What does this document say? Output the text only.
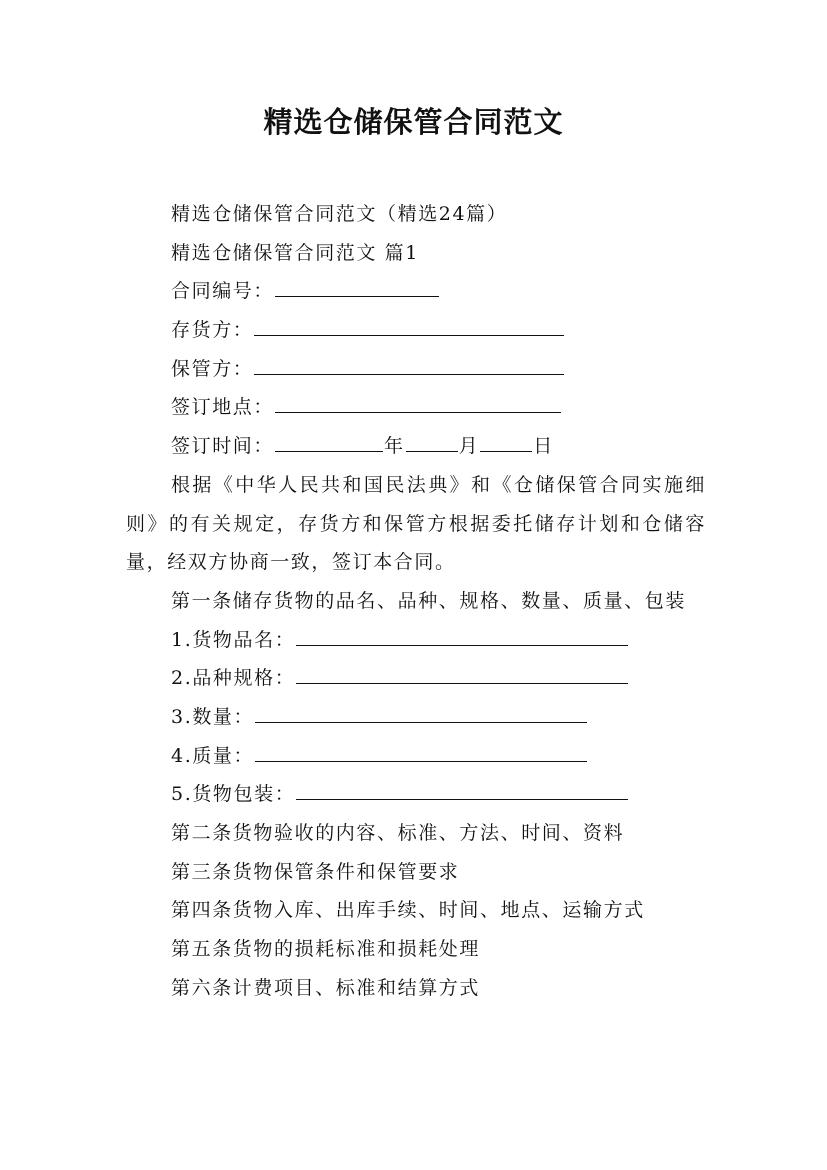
精选仓储保管合同范文
精选仓储保管合同范文（精选24篇）
精选仓储保管合同范文 篇1
合同编号：
存货方：
保管方：
签订地点：
签订时间：	年	月	日
根据《中华人民共和国民法典》和《仓储保管合同实施细则》的有关规定，存货方和保管方根据委托储存计划和仓储容量，经双方协商一致，签订本合同。
第一条储存货物的品名、品种、规格、数量、质量、包装
1.货物品名：
2.品种规格：
3.数量：
4.质量：
5.货物包装：
第二条货物验收的内容、标准、方法、时间、资料
第三条货物保管条件和保管要求
第四条货物入库、出库手续、时间、地点、运输方式
第五条货物的损耗标准和损耗处理
第六条计费项目、标准和结算方式
